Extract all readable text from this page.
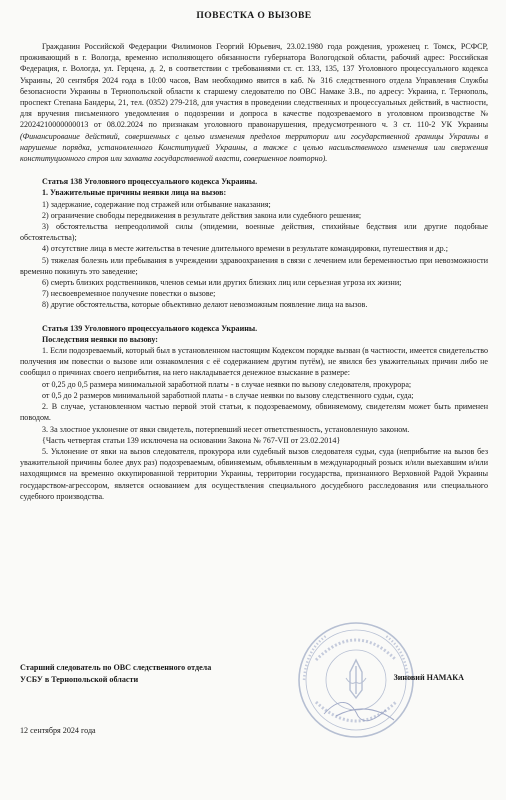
ПОВЕСТКА О ВЫЗОВЕ

Гражданин Российской Федерации Филимонов Георгий Юрьевич, 23.02.1980 года рождения, уроженец г. Томск, РСФСР, проживающий в г. Вологда, временно исполняющего обязанности губернатора Вологодской области, рабочий адрес: Российская Федерация, г. Вологда, ул. Герцена, д. 2, в соответствии с требованиями ст. ст. 133, 135, 137 Уголовного процессуального кодекса Украины, 20 сентября 2024 года в 10:00 часов, Вам необходимо явится в каб. № 316 следственного отдела Управления Службы безопасности Украины в Тернопольской области к старшему следователю по ОВС Намаке З.В., по адресу: Украина, г. Тернополь, проспект Степана Бандеры, 21, тел. (0352) 279-218, для участия в проведении следственных и процессуальных действий, в частности, для вручения письменного уведомления о подозрении и допроса в качестве подозреваемого в уголовном производстве № 22024210000000013 от 08.02.2024 по признакам уголовного правонарушения, предусмотренного ч. 3 ст. 110-2 УК Украины (Финансирование действий, совершенных с целью изменения пределов территории или государственной границы Украины в нарушение порядка, установленного Конституцией Украины, а также с целью насильственного изменения или свержения конституционного строя или захвата государственной власти, совершенное повторно).

Статья 138 Уголовного процессуального кодекса Украины.

1. Уважительные причины неявки лица на вызов:

1) задержание, содержание под стражей или отбывание наказания;

2) ограничение свободы передвижения в результате действия закона или судебного решения;

3) обстоятельства непреодолимой силы (эпидемии, военные действия, стихийные бедствия или другие подобные обстоятельства);

4) отсутствие лица в месте жительства в течение длительного времени в результате командировки, путешествия и др.;

5) тяжелая болезнь или пребывания в учреждении здравоохранения в связи с лечением или беременностью при невозможности временно покинуть это заведение;

6) смерть близких родственников, членов семьи или других близких лиц или серьезная угроза их жизни;

7) несвоевременное получение повестки о вызове;

8) другие обстоятельства, которые объективно делают невозможным появление лица на вызов.

Статья 139 Уголовного процессуального кодекса Украины.

Последствия неявки по вызову:

1. Если подозреваемый, который был в установленном настоящим Кодексом порядке вызван (в частности, имеется свидетельство получения им повестки о вызове или ознакомления с её содержанием другим путём), не явился без уважительных причин либо не сообщил о причинах своего неприбытия, на него накладывается денежное взыскание в размере:

от 0,25 до 0,5 размера минимальной заработной платы - в случае неявки по вызову следователя, прокурора;

от 0,5 до 2 размеров минимальной заработной платы - в случае неявки по вызову следственного судьи, суда;

2. В случае, установленном частью первой этой статьи, к подозреваемому, обвиняемому, свидетелям может быть применен поводом.

3. За злостное уклонение от явки свидетель, потерпевший несет ответственность, установленную законом.

{Часть четвертая статьи 139 исключена на основании Закона № 767-VII от 23.02.2014}

5. Уклонение от явки на вызов следователя, прокурора или судебный вызов следователя судьи, суда (неприбытие на вызов без уважительной причины более двух раз) подозреваемым, обвиняемым, объявленным в международный розыск и/или выехавшим и/или находящимся на временно оккупированной территории Украины, территории государства, признанного Верховной Радой Украины государством-агрессором, является основанием для осуществления специального досудебного расследования или специального судебного производства.

Старший следователь по ОВС следственного отдела
УСБУ в Тернопольской области	Зиновий НАМАКА
12 сентября 2024 года
